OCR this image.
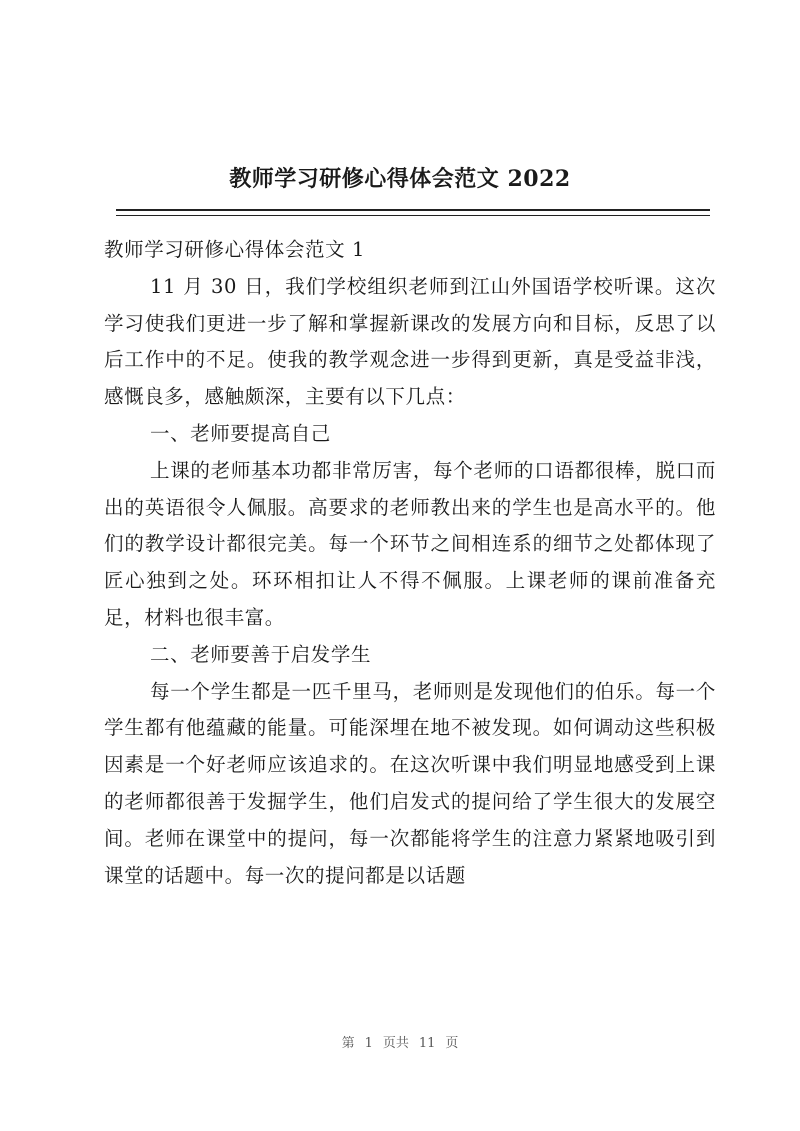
教师学习研修心得体会范文 2022

教师学习研修心得体会范文 1

11 月 30 日，我们学校组织老师到江山外国语学校听课。这次学习使我们更进一步了解和掌握新课改的发展方向和目标，反思了以后工作中的不足。使我的教学观念进一步得到更新，真是受益非浅，感慨良多，感触颇深，主要有以下几点：

一、老师要提高自己

上课的老师基本功都非常厉害，每个老师的口语都很棒，脱口而出的英语很令人佩服。高要求的老师教出来的学生也是高水平的。他们的教学设计都很完美。每一个环节之间相连系的细节之处都体现了匠心独到之处。环环相扣让人不得不佩服。上课老师的课前准备充足，材料也很丰富。

二、老师要善于启发学生

每一个学生都是一匹千里马，老师则是发现他们的伯乐。每一个学生都有他蕴藏的能量。可能深埋在地不被发现。如何调动这些积极因素是一个好老师应该追求的。在这次听课中我们明显地感受到上课的老师都很善于发掘学生，他们启发式的提问给了学生很大的发展空间。老师在课堂中的提问，每一次都能将学生的注意力紧紧地吸引到课堂的话题中。每一次的提问都是以话题

第 1 页共 11 页
